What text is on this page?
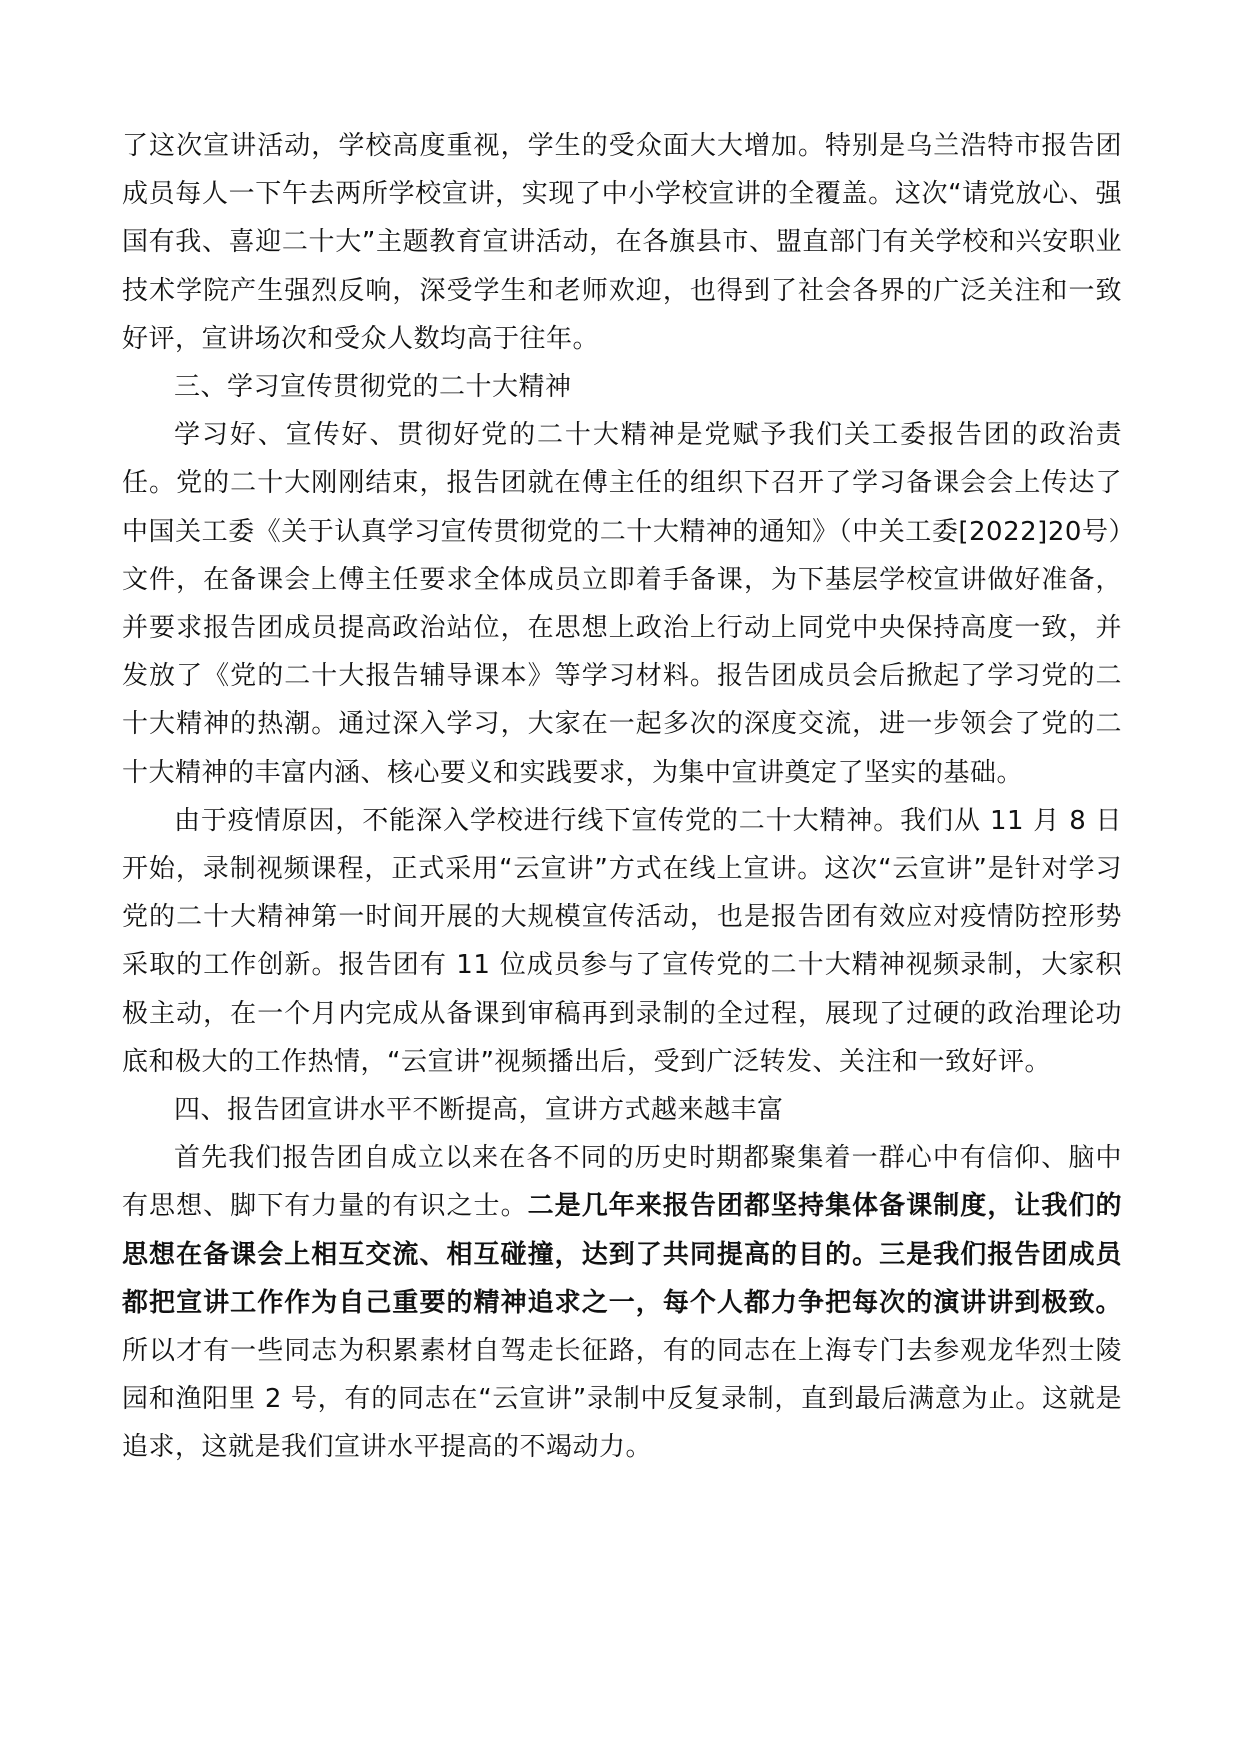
了这次宣讲活动，学校高度重视，学生的受众面大大增加。特别是乌兰浩特市报告团成员每人一下午去两所学校宣讲，实现了中小学校宣讲的全覆盖。这次“请党放心、强国有我、喜迎二十大”主题教育宣讲活动，在各旗县市、盟直部门有关学校和兴安职业技术学院产生强烈反响，深受学生和老师欢迎，也得到了社会各界的广泛关注和一致好评，宣讲场次和受众人数均高于往年。

三、学习宣传贯彻党的二十大精神

学习好、宣传好、贯彻好党的二十大精神是党赋予我们关工委报告团的政治责任。党的二十大刚刚结束，报告团就在傅主任的组织下召开了学习备课会会上传达了中国关工委《关于认真学习宣传贯彻党的二十大精神的通知》（中关工委[2022]20号）文件，在备课会上傅主任要求全体成员立即着手备课，为下基层学校宣讲做好准备，并要求报告团成员提高政治站位，在思想上政治上行动上同党中央保持高度一致，并发放了《党的二十大报告辅导课本》等学习材料。报告团成员会后掀起了学习党的二十大精神的热潮。通过深入学习，大家在一起多次的深度交流，进一步领会了党的二十大精神的丰富内涵、核心要义和实践要求，为集中宣讲奠定了坚实的基础。

由于疫情原因，不能深入学校进行线下宣传党的二十大精神。我们从 11 月 8 日开始，录制视频课程，正式采用“云宣讲”方式在线上宣讲。这次“云宣讲”是针对学习党的二十大精神第一时间开展的大规模宣传活动，也是报告团有效应对疫情防控形势采取的工作创新。报告团有 11 位成员参与了宣传党的二十大精神视频录制，大家积极主动，在一个月内完成从备课到审稿再到录制的全过程，展现了过硬的政治理论功底和极大的工作热情，“云宣讲”视频播出后，受到广泛转发、关注和一致好评。

四、报告团宣讲水平不断提高，宣讲方式越来越丰富

首先我们报告团自成立以来在各不同的历史时期都聚集着一群心中有信仰、脑中有思想、脚下有力量的有识之士。二是几年来报告团都坚持集体备课制度，让我们的思想在备课会上相互交流、相互碰撞，达到了共同提高的目的。三是我们报告团成员都把宣讲工作作为自己重要的精神追求之一，每个人都力争把每次的演讲讲到极致。所以才有一些同志为积累素材自驾走长征路，有的同志在上海专门去参观龙华烈士陵园和渔阳里 2 号，有的同志在“云宣讲”录制中反复录制，直到最后满意为止。这就是追求，这就是我们宣讲水平提高的不竭动力。
